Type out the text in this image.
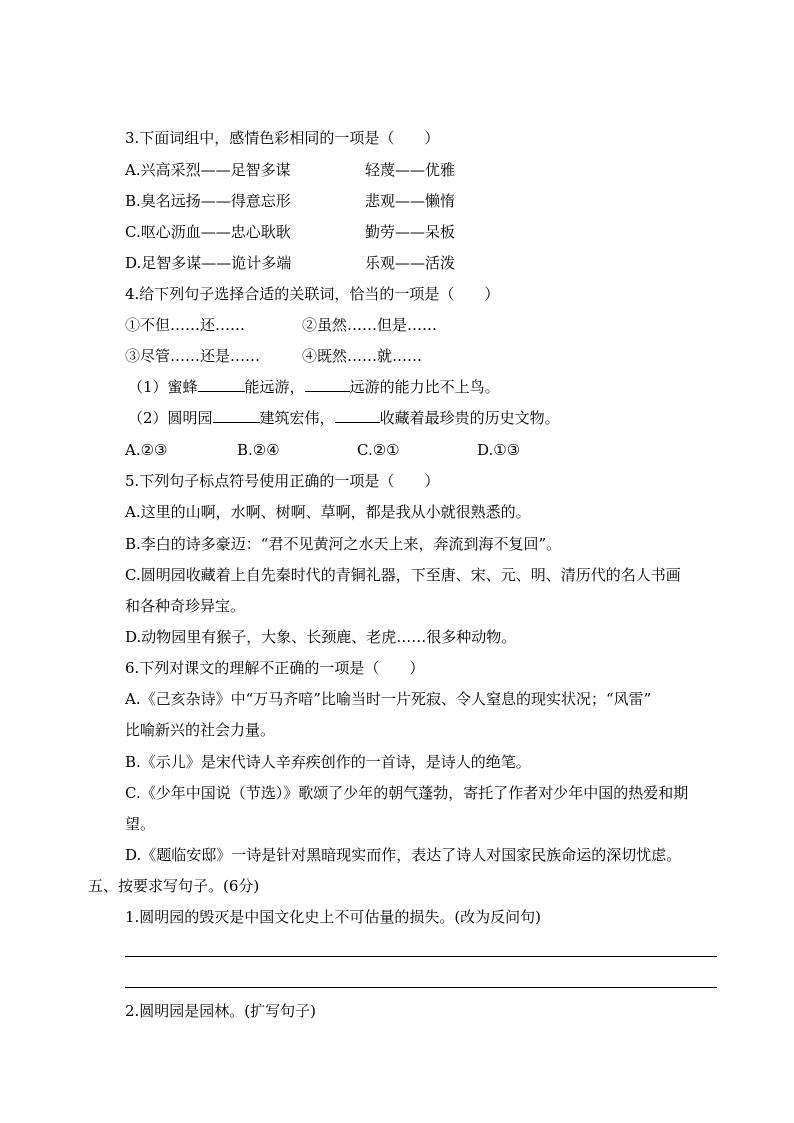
3.下面词组中，感情色彩相同的一项是（　　）
A.兴高采烈——足智多谋	轻蔑——优雅
B.臭名远扬——得意忘形	悲观——懒惰
C.呕心沥血——忠心耿耿	勤劳——呆板
D.足智多谋——诡计多端	乐观——活泼
4.给下列句子选择合适的关联词，恰当的一项是（　　）
①不但……还……	②虽然……但是……
③尽管……还是……	④既然……就……
（1）蜜蜂	能远游，	远游的能力比不上鸟。
（2）圆明园	建筑宏伟，	收藏着最珍贵的历史文物。
A.②③	B.②④	C.②①	D.①③
5.下列句子标点符号使用正确的一项是（　　）
A.这里的山啊，水啊、树啊、草啊，都是我从小就很熟悉的。
B.李白的诗多豪迈：“君不见黄河之水天上来，奔流到海不复回”。
C.圆明园收藏着上自先秦时代的青铜礼器，下至唐、宋、元、明、清历代的名人书画
和各种奇珍异宝。
D.动物园里有猴子，大象、长颈鹿、老虎……很多种动物。
6.下列对课文的理解不正确的一项是（　　）
A.《己亥杂诗》中“万马齐喑”比喻当时一片死寂、令人窒息的现实状况；“风雷”
比喻新兴的社会力量。
B.《示儿》是宋代诗人辛弃疾创作的一首诗，是诗人的绝笔。
C.《少年中国说（节选）》歌颂了少年的朝气蓬勃，寄托了作者对少年中国的热爱和期
望。
D.《题临安邸》一诗是针对黑暗现实而作，表达了诗人对国家民族命运的深切忧虑。
五、按要求写句子。(6分)
1.圆明园的毁灭是中国文化史上不可估量的损失。(改为反问句)
2.圆明园是园林。(扩写句子)
